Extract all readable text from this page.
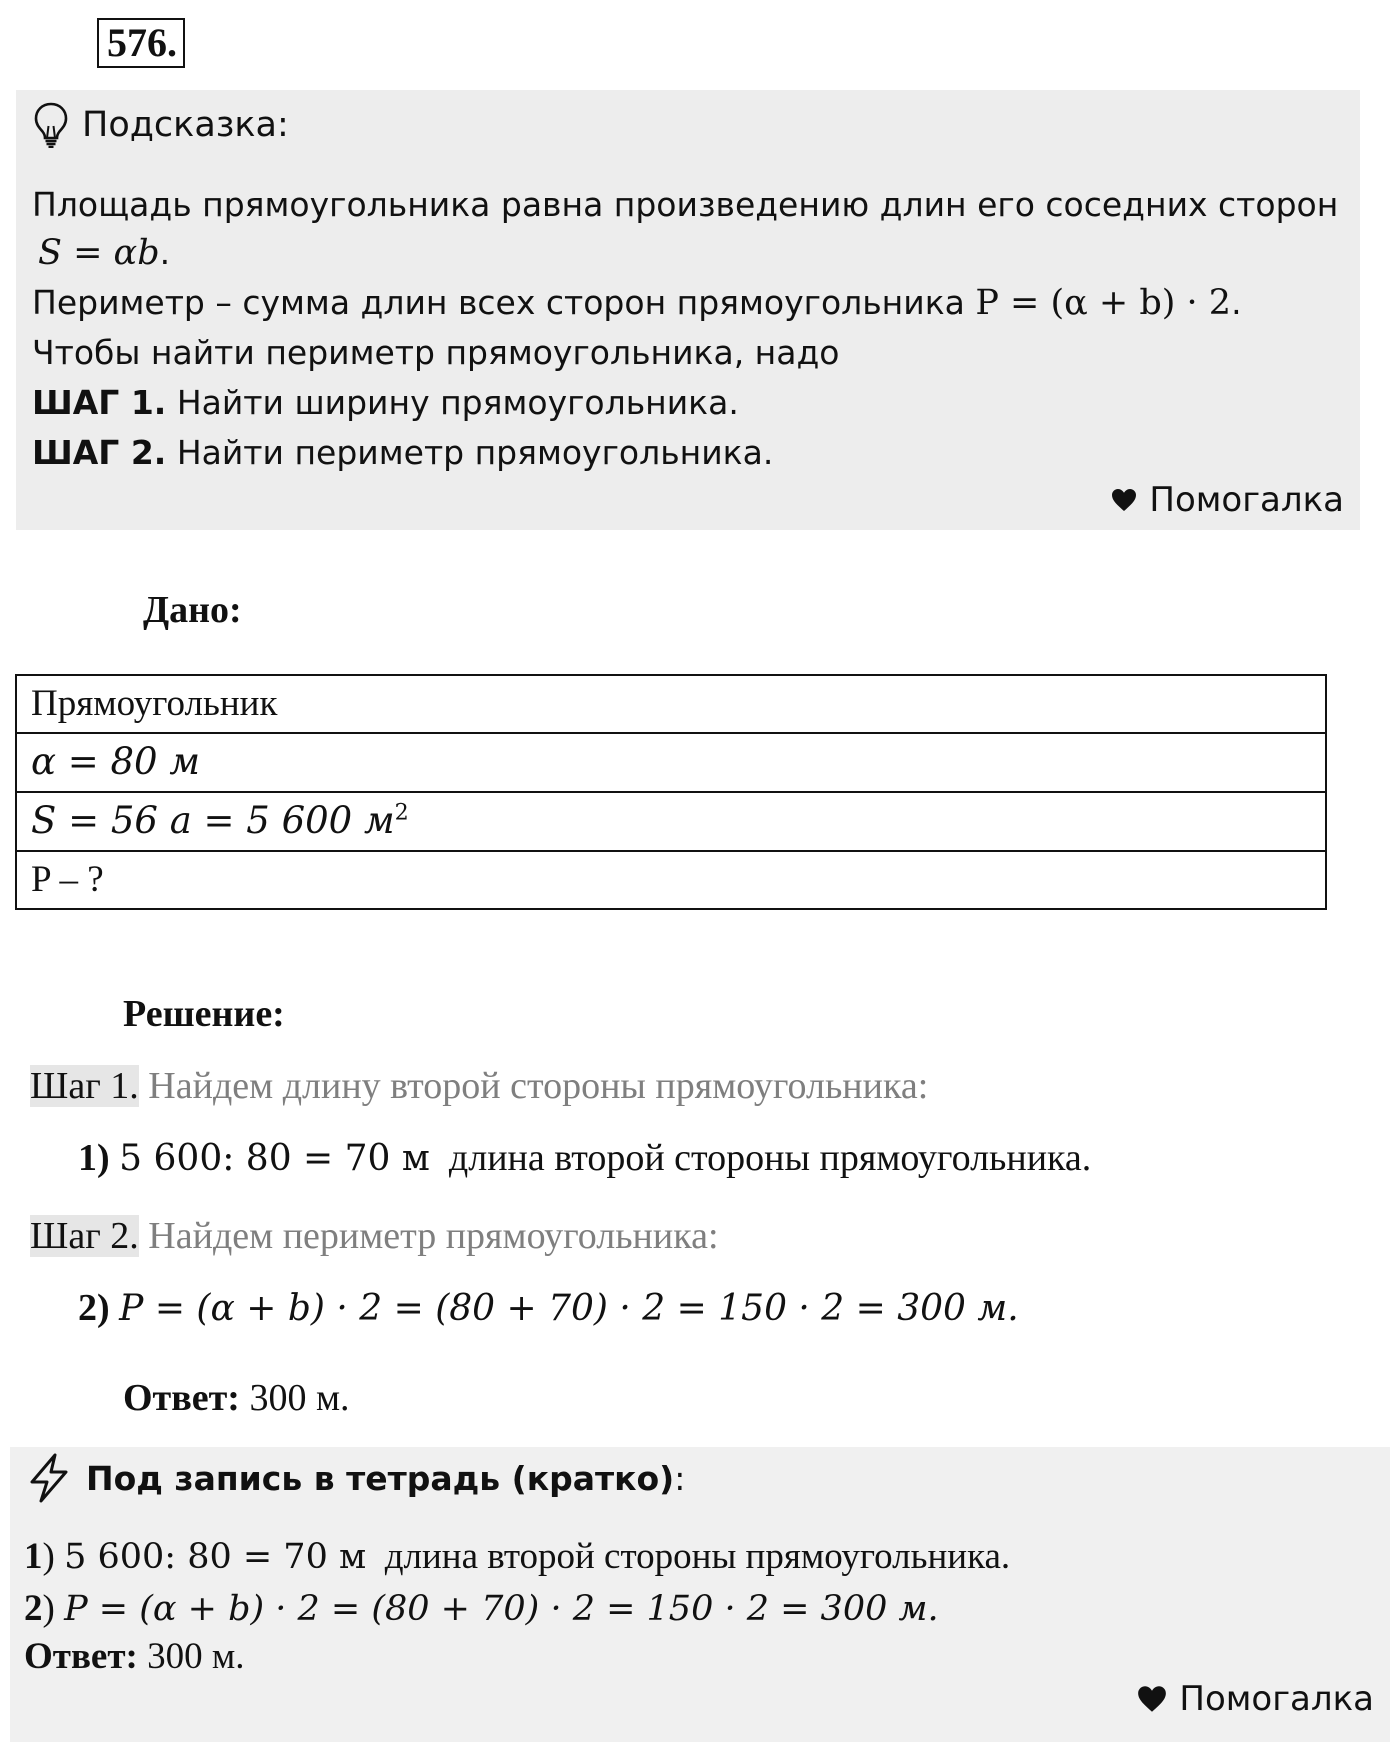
576.
Подсказка:
Площадь прямоугольника равна произведению длин его соседних сторон
S = αb.
Периметр – сумма длин всех сторон прямоугольника P = (α + b) · 2.
Чтобы найти периметр прямоугольника, надо
ШАГ 1. Найти ширину прямоугольника.
ШАГ 2. Найти периметр прямоугольника.
Помогалка
Дано:
Прямоугольник
α = 80 м
S = 56 а = 5 600 $м^2$
P – ?
Решение:
Шаг 1. Найдем длину второй стороны прямоугольника:
1) 5 600: 80 = 70 м длина второй стороны прямоугольника.
Шаг 2. Найдем периметр прямоугольника:
2) P = (α + b) · 2 = (80 + 70) · 2 = 150 · 2 = 300 м.
Ответ: 300 м.
Под запись в тетрадь (кратко) :
1) 5 600: 80 = 70 м длина второй стороны прямоугольника.
2) P = (α + b) · 2 = (80 + 70) · 2 = 150 · 2 = 300 м.
Ответ: 300 м.
Помогалка
